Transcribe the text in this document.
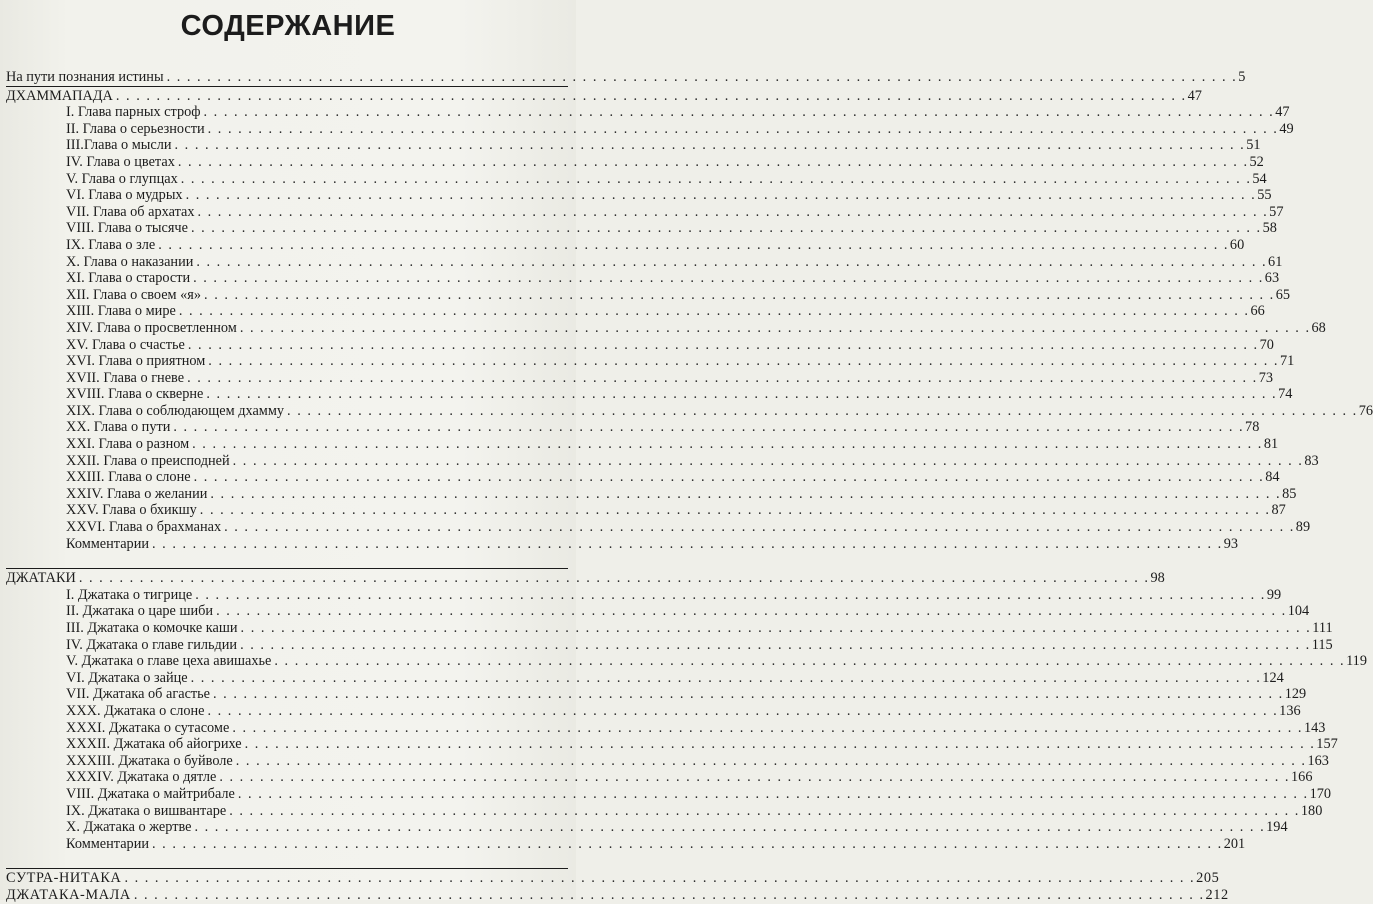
СОДЕРЖАНИЕ
На пути познания истины . . . . . . . . . . . . . . . . . . . . . . . . . . . . . . . . . . . . . . . . . . . . . . . . . . . . . . . . . . . . . . . . . . . . . . . . . . . . . . . . . . . . . . . . . . . . . . . . . . . . . . . . . . 5
ДХАММАПАДА . . . . . . . . . . . . . . . . . . . . . . . . . . . . . . . . . . . . . . . . . . . . . . . . . . . . . . . . . . . . . . . . . . . . . . . . . . . . . . . . . . . . . . . . . . . . . . . . . . . . . . . . . . 47
I. Глава парных строф . . . . . . . . . . . . . . . . . . . . . . . . . . . . . . . . . . . . . . . . . . . . . . . . . . . . . . . . . . . . . . . . . . . . . . . . . . . . . . . . . . . . . . . . . . . . . . . . . . . . . . . . . . 47
II. Глава о серьезности . . . . . . . . . . . . . . . . . . . . . . . . . . . . . . . . . . . . . . . . . . . . . . . . . . . . . . . . . . . . . . . . . . . . . . . . . . . . . . . . . . . . . . . . . . . . . . . . . . . . . . . . . . 49
III.Глава о мысли . . . . . . . . . . . . . . . . . . . . . . . . . . . . . . . . . . . . . . . . . . . . . . . . . . . . . . . . . . . . . . . . . . . . . . . . . . . . . . . . . . . . . . . . . . . . . . . . . . . . . . . . . . 51
IV. Глава о цветах . . . . . . . . . . . . . . . . . . . . . . . . . . . . . . . . . . . . . . . . . . . . . . . . . . . . . . . . . . . . . . . . . . . . . . . . . . . . . . . . . . . . . . . . . . . . . . . . . . . . . . . . . . 52
V. Глава о глупцах . . . . . . . . . . . . . . . . . . . . . . . . . . . . . . . . . . . . . . . . . . . . . . . . . . . . . . . . . . . . . . . . . . . . . . . . . . . . . . . . . . . . . . . . . . . . . . . . . . . . . . . . . . 54
VI. Глава о мудрых . . . . . . . . . . . . . . . . . . . . . . . . . . . . . . . . . . . . . . . . . . . . . . . . . . . . . . . . . . . . . . . . . . . . . . . . . . . . . . . . . . . . . . . . . . . . . . . . . . . . . . . . . . 55
VII. Глава об архатах . . . . . . . . . . . . . . . . . . . . . . . . . . . . . . . . . . . . . . . . . . . . . . . . . . . . . . . . . . . . . . . . . . . . . . . . . . . . . . . . . . . . . . . . . . . . . . . . . . . . . . . . . . 57
VIII. Глава о тысяче . . . . . . . . . . . . . . . . . . . . . . . . . . . . . . . . . . . . . . . . . . . . . . . . . . . . . . . . . . . . . . . . . . . . . . . . . . . . . . . . . . . . . . . . . . . . . . . . . . . . . . . . . . 58
IX. Глава о зле . . . . . . . . . . . . . . . . . . . . . . . . . . . . . . . . . . . . . . . . . . . . . . . . . . . . . . . . . . . . . . . . . . . . . . . . . . . . . . . . . . . . . . . . . . . . . . . . . . . . . . . . . . 60
X. Глава о наказании . . . . . . . . . . . . . . . . . . . . . . . . . . . . . . . . . . . . . . . . . . . . . . . . . . . . . . . . . . . . . . . . . . . . . . . . . . . . . . . . . . . . . . . . . . . . . . . . . . . . . . . . . . 61
XI. Глава о старости . . . . . . . . . . . . . . . . . . . . . . . . . . . . . . . . . . . . . . . . . . . . . . . . . . . . . . . . . . . . . . . . . . . . . . . . . . . . . . . . . . . . . . . . . . . . . . . . . . . . . . . . . . 63
XII. Глава о своем «я» . . . . . . . . . . . . . . . . . . . . . . . . . . . . . . . . . . . . . . . . . . . . . . . . . . . . . . . . . . . . . . . . . . . . . . . . . . . . . . . . . . . . . . . . . . . . . . . . . . . . . . . . . . 65
XIII. Глава о мире . . . . . . . . . . . . . . . . . . . . . . . . . . . . . . . . . . . . . . . . . . . . . . . . . . . . . . . . . . . . . . . . . . . . . . . . . . . . . . . . . . . . . . . . . . . . . . . . . . . . . . . . . . 66
XIV. Глава о просветленном . . . . . . . . . . . . . . . . . . . . . . . . . . . . . . . . . . . . . . . . . . . . . . . . . . . . . . . . . . . . . . . . . . . . . . . . . . . . . . . . . . . . . . . . . . . . . . . . . . . . . . . . . . 68
XV. Глава о счастье . . . . . . . . . . . . . . . . . . . . . . . . . . . . . . . . . . . . . . . . . . . . . . . . . . . . . . . . . . . . . . . . . . . . . . . . . . . . . . . . . . . . . . . . . . . . . . . . . . . . . . . . . . 70
XVI. Глава о приятном . . . . . . . . . . . . . . . . . . . . . . . . . . . . . . . . . . . . . . . . . . . . . . . . . . . . . . . . . . . . . . . . . . . . . . . . . . . . . . . . . . . . . . . . . . . . . . . . . . . . . . . . . . 71
XVII. Глава о гневе . . . . . . . . . . . . . . . . . . . . . . . . . . . . . . . . . . . . . . . . . . . . . . . . . . . . . . . . . . . . . . . . . . . . . . . . . . . . . . . . . . . . . . . . . . . . . . . . . . . . . . . . . . 73
XVIII. Глава о скверне . . . . . . . . . . . . . . . . . . . . . . . . . . . . . . . . . . . . . . . . . . . . . . . . . . . . . . . . . . . . . . . . . . . . . . . . . . . . . . . . . . . . . . . . . . . . . . . . . . . . . . . . . . 74
XIX. Глава о соблюдающем дхамму . . . . . . . . . . . . . . . . . . . . . . . . . . . . . . . . . . . . . . . . . . . . . . . . . . . . . . . . . . . . . . . . . . . . . . . . . . . . . . . . . . . . . . . . . . . . . . . . . . . . . . . . . . 76
XX. Глава о пути . . . . . . . . . . . . . . . . . . . . . . . . . . . . . . . . . . . . . . . . . . . . . . . . . . . . . . . . . . . . . . . . . . . . . . . . . . . . . . . . . . . . . . . . . . . . . . . . . . . . . . . . . . 78
XXI. Глава о разном . . . . . . . . . . . . . . . . . . . . . . . . . . . . . . . . . . . . . . . . . . . . . . . . . . . . . . . . . . . . . . . . . . . . . . . . . . . . . . . . . . . . . . . . . . . . . . . . . . . . . . . . . . 81
XXII. Глава о преисподней . . . . . . . . . . . . . . . . . . . . . . . . . . . . . . . . . . . . . . . . . . . . . . . . . . . . . . . . . . . . . . . . . . . . . . . . . . . . . . . . . . . . . . . . . . . . . . . . . . . . . . . . . . 83
XXIII. Глава о слоне . . . . . . . . . . . . . . . . . . . . . . . . . . . . . . . . . . . . . . . . . . . . . . . . . . . . . . . . . . . . . . . . . . . . . . . . . . . . . . . . . . . . . . . . . . . . . . . . . . . . . . . . . . 84
XXIV. Глава о желании . . . . . . . . . . . . . . . . . . . . . . . . . . . . . . . . . . . . . . . . . . . . . . . . . . . . . . . . . . . . . . . . . . . . . . . . . . . . . . . . . . . . . . . . . . . . . . . . . . . . . . . . . . 85
XXV. Глава о бхикшу . . . . . . . . . . . . . . . . . . . . . . . . . . . . . . . . . . . . . . . . . . . . . . . . . . . . . . . . . . . . . . . . . . . . . . . . . . . . . . . . . . . . . . . . . . . . . . . . . . . . . . . . . . 87
XXVI. Глава о брахманах . . . . . . . . . . . . . . . . . . . . . . . . . . . . . . . . . . . . . . . . . . . . . . . . . . . . . . . . . . . . . . . . . . . . . . . . . . . . . . . . . . . . . . . . . . . . . . . . . . . . . . . . . . 89
Комментарии . . . . . . . . . . . . . . . . . . . . . . . . . . . . . . . . . . . . . . . . . . . . . . . . . . . . . . . . . . . . . . . . . . . . . . . . . . . . . . . . . . . . . . . . . . . . . . . . . . . . . . . . . . 93
ДЖАТАКИ . . . . . . . . . . . . . . . . . . . . . . . . . . . . . . . . . . . . . . . . . . . . . . . . . . . . . . . . . . . . . . . . . . . . . . . . . . . . . . . . . . . . . . . . . . . . . . . . . . . . . . . . . . 98
I. Джатака о тигрице . . . . . . . . . . . . . . . . . . . . . . . . . . . . . . . . . . . . . . . . . . . . . . . . . . . . . . . . . . . . . . . . . . . . . . . . . . . . . . . . . . . . . . . . . . . . . . . . . . . . . . . . . . 99
II. Джатака о царе шиби . . . . . . . . . . . . . . . . . . . . . . . . . . . . . . . . . . . . . . . . . . . . . . . . . . . . . . . . . . . . . . . . . . . . . . . . . . . . . . . . . . . . . . . . . . . . . . . . . . . . . . . . . . 104
III. Джатака о комочке каши . . . . . . . . . . . . . . . . . . . . . . . . . . . . . . . . . . . . . . . . . . . . . . . . . . . . . . . . . . . . . . . . . . . . . . . . . . . . . . . . . . . . . . . . . . . . . . . . . . . . . . . . . . 111
IV. Джатака о главе гильдии . . . . . . . . . . . . . . . . . . . . . . . . . . . . . . . . . . . . . . . . . . . . . . . . . . . . . . . . . . . . . . . . . . . . . . . . . . . . . . . . . . . . . . . . . . . . . . . . . . . . . . . . . . 115
V. Джатака о главе цеха авишахье . . . . . . . . . . . . . . . . . . . . . . . . . . . . . . . . . . . . . . . . . . . . . . . . . . . . . . . . . . . . . . . . . . . . . . . . . . . . . . . . . . . . . . . . . . . . . . . . . . . . . . . . . . 119
VI. Джатака о зайце . . . . . . . . . . . . . . . . . . . . . . . . . . . . . . . . . . . . . . . . . . . . . . . . . . . . . . . . . . . . . . . . . . . . . . . . . . . . . . . . . . . . . . . . . . . . . . . . . . . . . . . . . . 124
VII. Джатака об агастье . . . . . . . . . . . . . . . . . . . . . . . . . . . . . . . . . . . . . . . . . . . . . . . . . . . . . . . . . . . . . . . . . . . . . . . . . . . . . . . . . . . . . . . . . . . . . . . . . . . . . . . . . . 129
XXX. Джатака о слоне . . . . . . . . . . . . . . . . . . . . . . . . . . . . . . . . . . . . . . . . . . . . . . . . . . . . . . . . . . . . . . . . . . . . . . . . . . . . . . . . . . . . . . . . . . . . . . . . . . . . . . . . . . 136
XXXI. Джатака о сутасоме . . . . . . . . . . . . . . . . . . . . . . . . . . . . . . . . . . . . . . . . . . . . . . . . . . . . . . . . . . . . . . . . . . . . . . . . . . . . . . . . . . . . . . . . . . . . . . . . . . . . . . . . . . 143
XXXII. Джатака об айогрихе . . . . . . . . . . . . . . . . . . . . . . . . . . . . . . . . . . . . . . . . . . . . . . . . . . . . . . . . . . . . . . . . . . . . . . . . . . . . . . . . . . . . . . . . . . . . . . . . . . . . . . . . . . 157
XXXIII. Джатака о буйволе . . . . . . . . . . . . . . . . . . . . . . . . . . . . . . . . . . . . . . . . . . . . . . . . . . . . . . . . . . . . . . . . . . . . . . . . . . . . . . . . . . . . . . . . . . . . . . . . . . . . . . . . . . 163
XXXIV. Джатака о дятле . . . . . . . . . . . . . . . . . . . . . . . . . . . . . . . . . . . . . . . . . . . . . . . . . . . . . . . . . . . . . . . . . . . . . . . . . . . . . . . . . . . . . . . . . . . . . . . . . . . . . . . . . . 166
VIII. Джатака о майтрибале . . . . . . . . . . . . . . . . . . . . . . . . . . . . . . . . . . . . . . . . . . . . . . . . . . . . . . . . . . . . . . . . . . . . . . . . . . . . . . . . . . . . . . . . . . . . . . . . . . . . . . . . . . 170
IX. Джатака о вишвантаре . . . . . . . . . . . . . . . . . . . . . . . . . . . . . . . . . . . . . . . . . . . . . . . . . . . . . . . . . . . . . . . . . . . . . . . . . . . . . . . . . . . . . . . . . . . . . . . . . . . . . . . . . . 180
X. Джатака о жертве . . . . . . . . . . . . . . . . . . . . . . . . . . . . . . . . . . . . . . . . . . . . . . . . . . . . . . . . . . . . . . . . . . . . . . . . . . . . . . . . . . . . . . . . . . . . . . . . . . . . . . . . . . 194
Комментарии . . . . . . . . . . . . . . . . . . . . . . . . . . . . . . . . . . . . . . . . . . . . . . . . . . . . . . . . . . . . . . . . . . . . . . . . . . . . . . . . . . . . . . . . . . . . . . . . . . . . . . . . . . 201
СУТРА-НИТАКА . . . . . . . . . . . . . . . . . . . . . . . . . . . . . . . . . . . . . . . . . . . . . . . . . . . . . . . . . . . . . . . . . . . . . . . . . . . . . . . . . . . . . . . . . . . . . . . . . . . . . . . . . . 205
ДЖАТАКА-МАЛА . . . . . . . . . . . . . . . . . . . . . . . . . . . . . . . . . . . . . . . . . . . . . . . . . . . . . . . . . . . . . . . . . . . . . . . . . . . . . . . . . . . . . . . . . . . . . . . . . . . . . . . . . . 212
